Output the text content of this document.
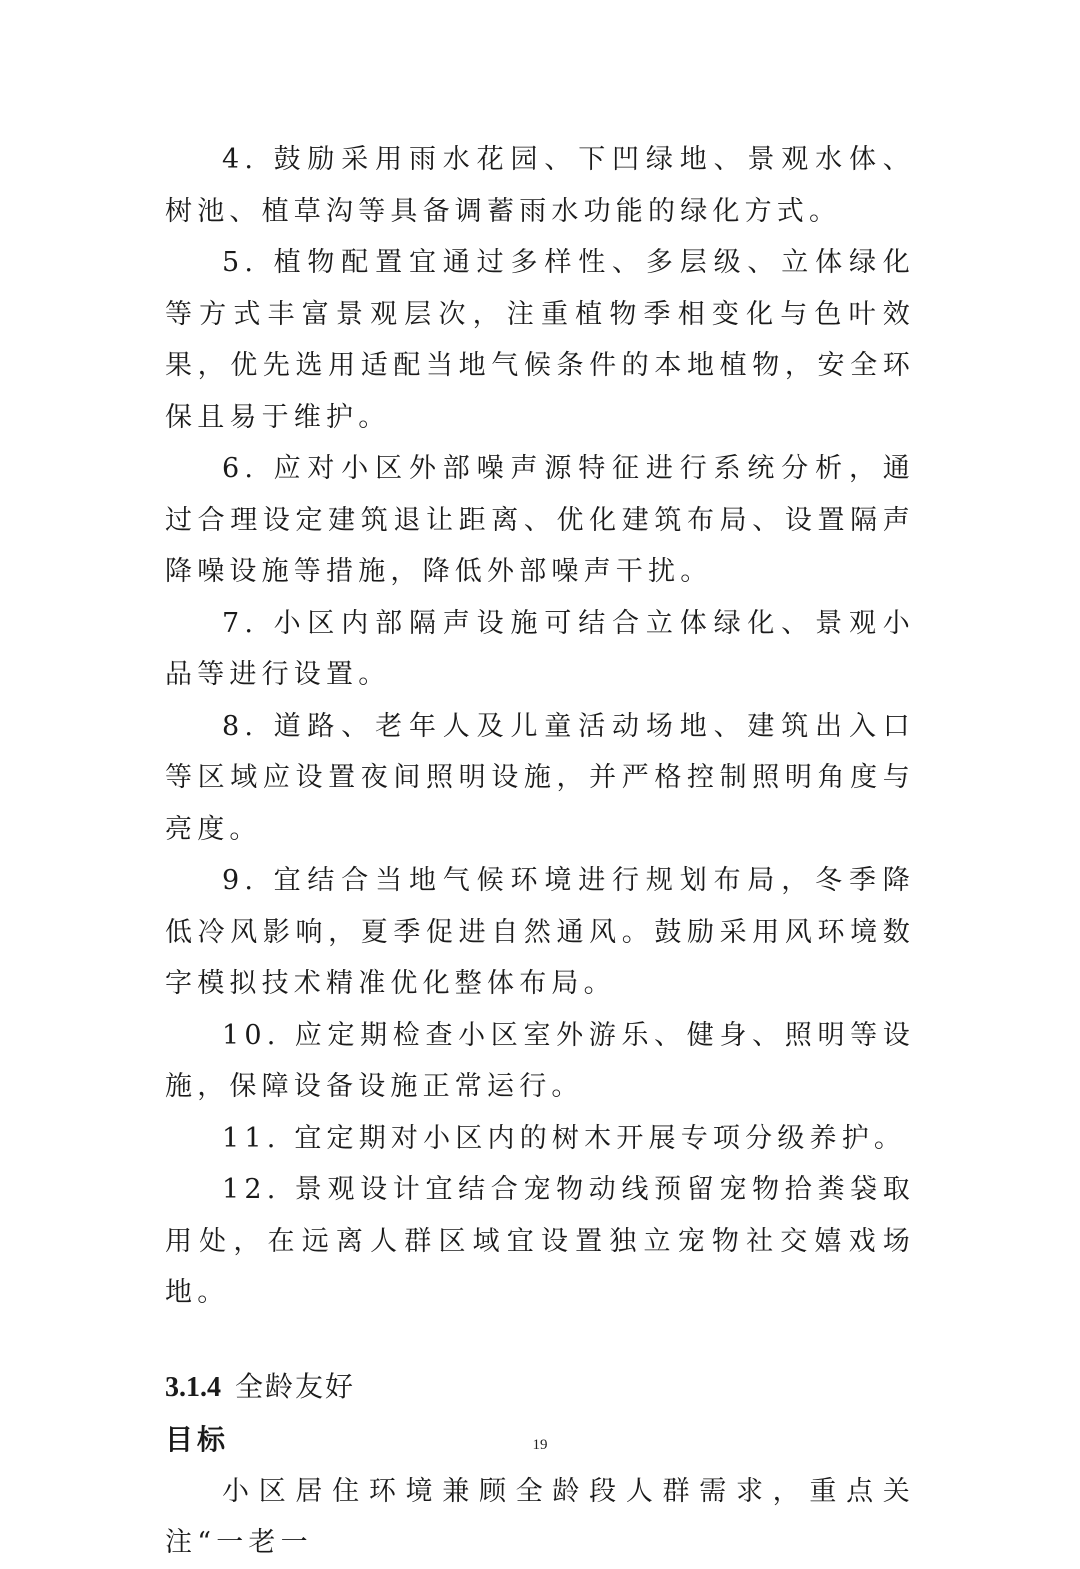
4. 鼓励采用雨水花园、下凹绿地、景观水体、树池、植草沟等具备调蓄雨水功能的绿化方式。

5. 植物配置宜通过多样性、多层级、立体绿化等方式丰富景观层次，注重植物季相变化与色叶效果，优先选用适配当地气候条件的本地植物，安全环保且易于维护。

6. 应对小区外部噪声源特征进行系统分析，通过合理设定建筑退让距离、优化建筑布局、设置隔声降噪设施等措施，降低外部噪声干扰。

7. 小区内部隔声设施可结合立体绿化、景观小品等进行设置。

8. 道路、老年人及儿童活动场地、建筑出入口等区域应设置夜间照明设施，并严格控制照明角度与亮度。

9. 宜结合当地气候环境进行规划布局，冬季降低冷风影响，夏季促进自然通风。鼓励采用风环境数字模拟技术精准优化整体布局。

10. 应定期检查小区室外游乐、健身、照明等设施，保障设备设施正常运行。

11. 宜定期对小区内的树木开展专项分级养护。

12. 景观设计宜结合宠物动线预留宠物拾粪袋取用处，在远离人群区域宜设置独立宠物社交嬉戏场地。

3.1.4 全龄友好
目标

小区居住环境兼顾全龄段人群需求，重点关注“一老一

19
